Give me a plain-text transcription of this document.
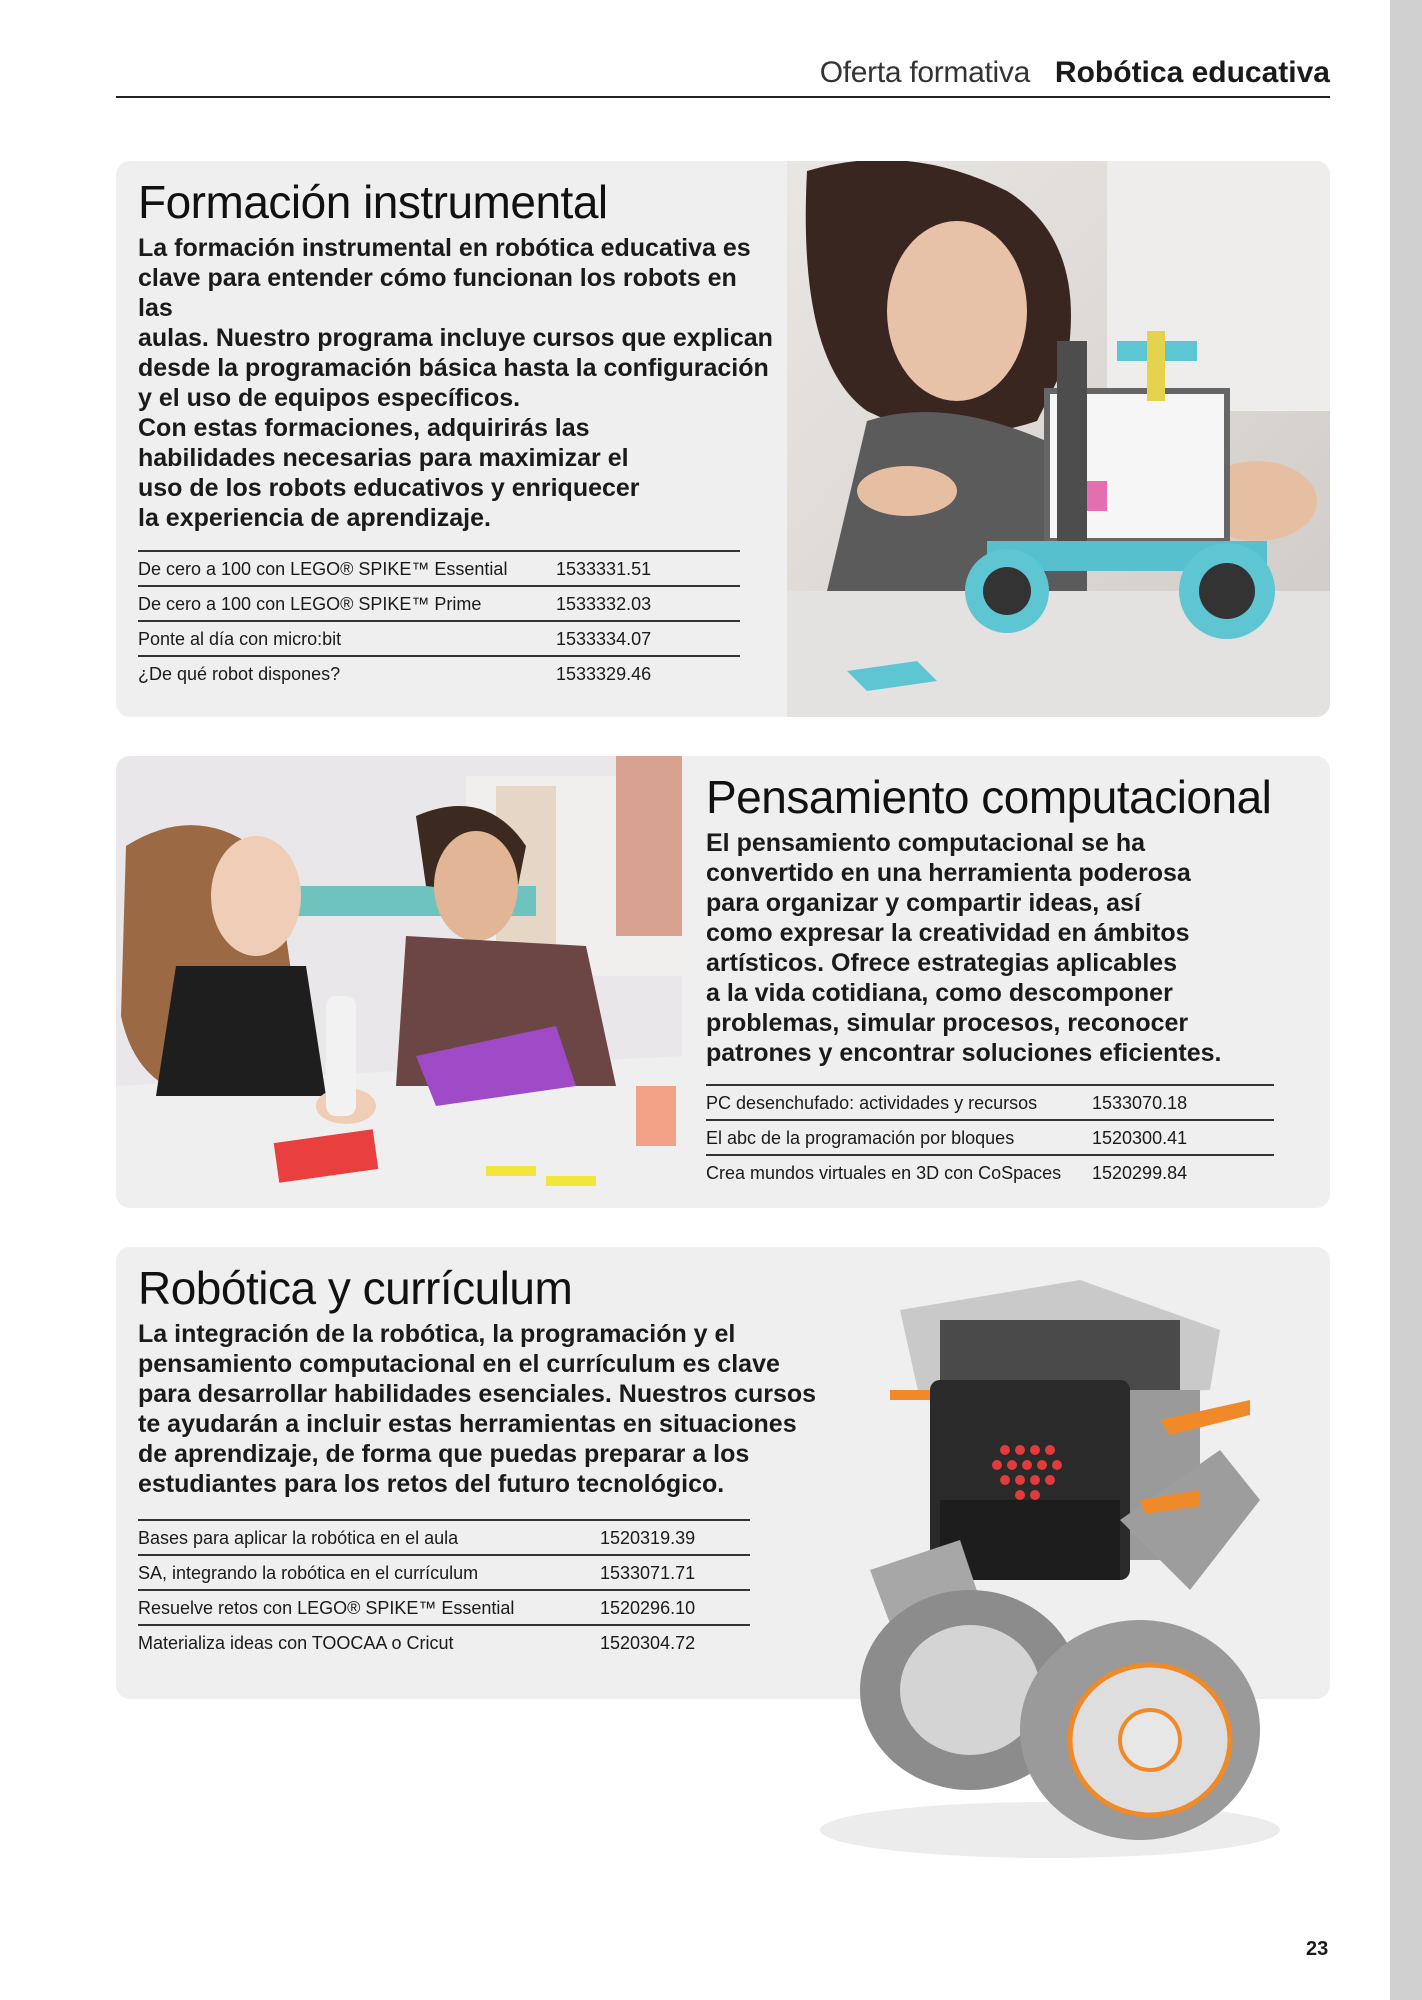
Oferta formativa Robótica educativa
Formación instrumental
La formación instrumental en robótica educativa es
clave para entender cómo funcionan los robots en las
aulas. Nuestro programa incluye cursos que explican
desde la programación básica hasta la configuración
y el uso de equipos específicos.
Con estas formaciones, adquirirás las
habilidades necesarias para maximizar el
uso de los robots educativos y enriquecer
la experiencia de aprendizaje.
De cero a 100 con LEGO® SPIKE™ Essential	1533331.51
De cero a 100 con LEGO® SPIKE™ Prime	1533332.03
Ponte al día con micro:bit	1533334.07
¿De qué robot dispones?	1533329.46
Pensamiento computacional
El pensamiento computacional se ha
convertido en una herramienta poderosa
para organizar y compartir ideas, así
como expresar la creatividad en ámbitos
artísticos. Ofrece estrategias aplicables
a la vida cotidiana, como descomponer
problemas, simular procesos, reconocer
patrones y encontrar soluciones eficientes.
PC desenchufado: actividades y recursos	1533070.18
El abc de la programación por bloques	1520300.41
Crea mundos virtuales en 3D con CoSpaces 1520299.84
Robótica y currículum
La integración de la robótica, la programación y el
pensamiento computacional en el currículum es clave
para desarrollar habilidades esenciales. Nuestros cursos
te ayudarán a incluir estas herramientas en situaciones
de aprendizaje, de forma que puedas preparar a los
estudiantes para los retos del futuro tecnológico.
Bases para aplicar la robótica en el aula	1520319.39
SA, integrando la robótica en el currículum	1533071.71
Resuelve retos con LEGO® SPIKE™ Essential	1520296.10
Materializa ideas con TOOCAA o Cricut	1520304.72
23
